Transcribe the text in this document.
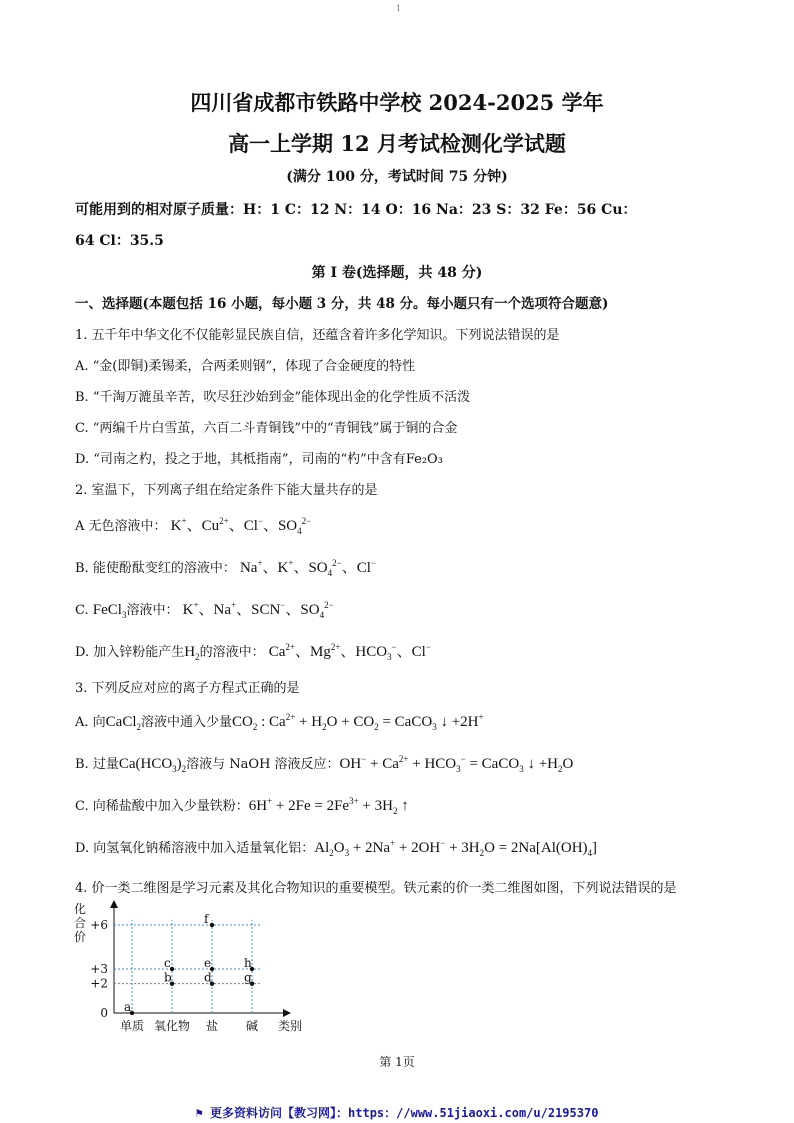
1
四川省成都市铁路中学校 2024-2025 学年
高一上学期 12 月考试检测化学试题
(满分 100 分，考试时间 75 分钟)
可能用到的相对原子质量：H：1 C：12 N：14 O：16 Na：23 S：32 Fe：56 Cu：
64 Cl：35.5
第 I 卷(选择题，共 48 分)
一、选择题(本题包括 16 小题，每小题 3 分，共 48 分。每小题只有一个选项符合题意)
1. 五千年中华文化不仅能彰显民族自信，还蕴含着许多化学知识。下列说法错误的是
A. “金(即铜)柔锡柔，合两柔则钢”，体现了合金硬度的特性
B. “千淘万漉虽辛苦，吹尽狂沙始到金”能体现出金的化学性质不活泼
C. “两编千片白雪茧，六百二斗青铜钱”中的“青铜钱”属于铜的合金
D. “司南之杓，投之于地，其柢指南”，司南的“杓”中含有Fe₂O₃
2. 室温下，下列离子组在给定条件下能大量共存的是
A 无色溶液中： K+、$Cu^{2+}$、Cl−、$SO_4^{2-}$
B. 能使酚酞变红的溶液中： Na+、K+、$SO_4^{2-}$、Cl−
C. FeCl$_3$溶液中： K+、Na+、SCN−、$SO_4^{2-}$
D. 加入锌粉能产生$H_2$的溶液中： $Ca^{2+}$、$Mg^{2+}$、$HCO_3^-$、Cl−
3. 下列反应对应的离子方程式正确的是
A. 向CaCl$_2$溶液中通入少量$CO_2$ : $Ca^{2+} + H_2O + CO_2$ = CaCO$_3$ ↓ +2H+
B. 过量$Ca(HCO_3)_2$溶液与 NaOH 溶液反应：$OH^- + Ca^{2+} + HCO_3^-$ = CaCO$_3$ ↓ $+H_2O$
C. 向稀盐酸中加入少量铁粉：$6H^+ + 2Fe = 2Fe^{3+} + 3H_2$ ↑
D. 向氢氧化钠稀溶液中加入适量氧化铝：$Al_2O_3 + 2Na^+ + 2OH^- + 3H_2O = 2Na[Al(OH)_4]$
4. 价一类二维图是学习元素及其化合物知识的重要模型。铁元素的价一类二维图如图，下列说法错误的是
化
合
价
+6
+3
+2
0 a
b
c
d
e
f
g
h
单质 氧化物 盐 碱 类别
第 1页
⚑ 更多资料访问【教习网】：https：//www.51jiaoxi.com/u/2195370
